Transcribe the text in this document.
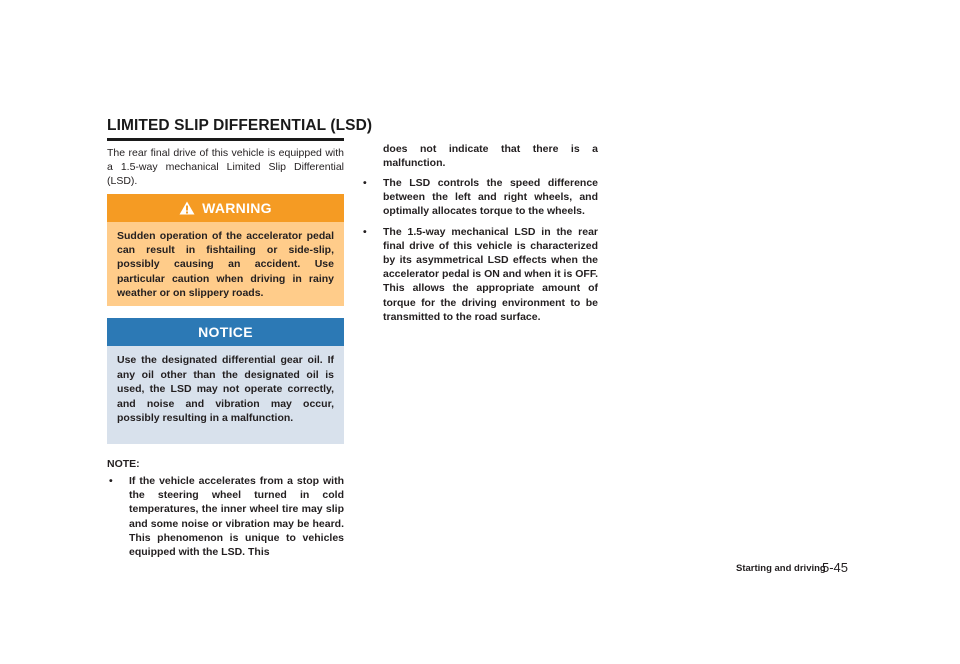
LIMITED SLIP DIFFERENTIAL (LSD)

The rear final drive of this vehicle is equipped with a 1.5-way mechanical Limited Slip Differential (LSD).

WARNING
Sudden operation of the accelerator pedal can result in fishtailing or side-slip, possibly causing an accident. Use particular caution when driving in rainy weather or on slippery roads.
NOTICE
Use the designated differential gear oil. If any oil other than the designated oil is used, the LSD may not operate correctly, and noise and vibration may occur, possibly resulting in a malfunction.
NOTE:
• If the vehicle accelerates from a stop with the steering wheel turned in cold temperatures, the inner wheel tire may slip and some noise or vibration may be heard. This phenomenon is unique to vehicles equipped with the LSD. This

does not indicate that there is a malfunction.

• The LSD controls the speed difference between the left and right wheels, and optimally allocates torque to the wheels.
• The 1.5-way mechanical LSD in the rear final drive of this vehicle is characterized by its asymmetrical LSD effects when the accelerator pedal is ON and when it is OFF. This allows the appropriate amount of torque for the driving environment to be transmitted to the road surface.
Starting and driving
5-45
